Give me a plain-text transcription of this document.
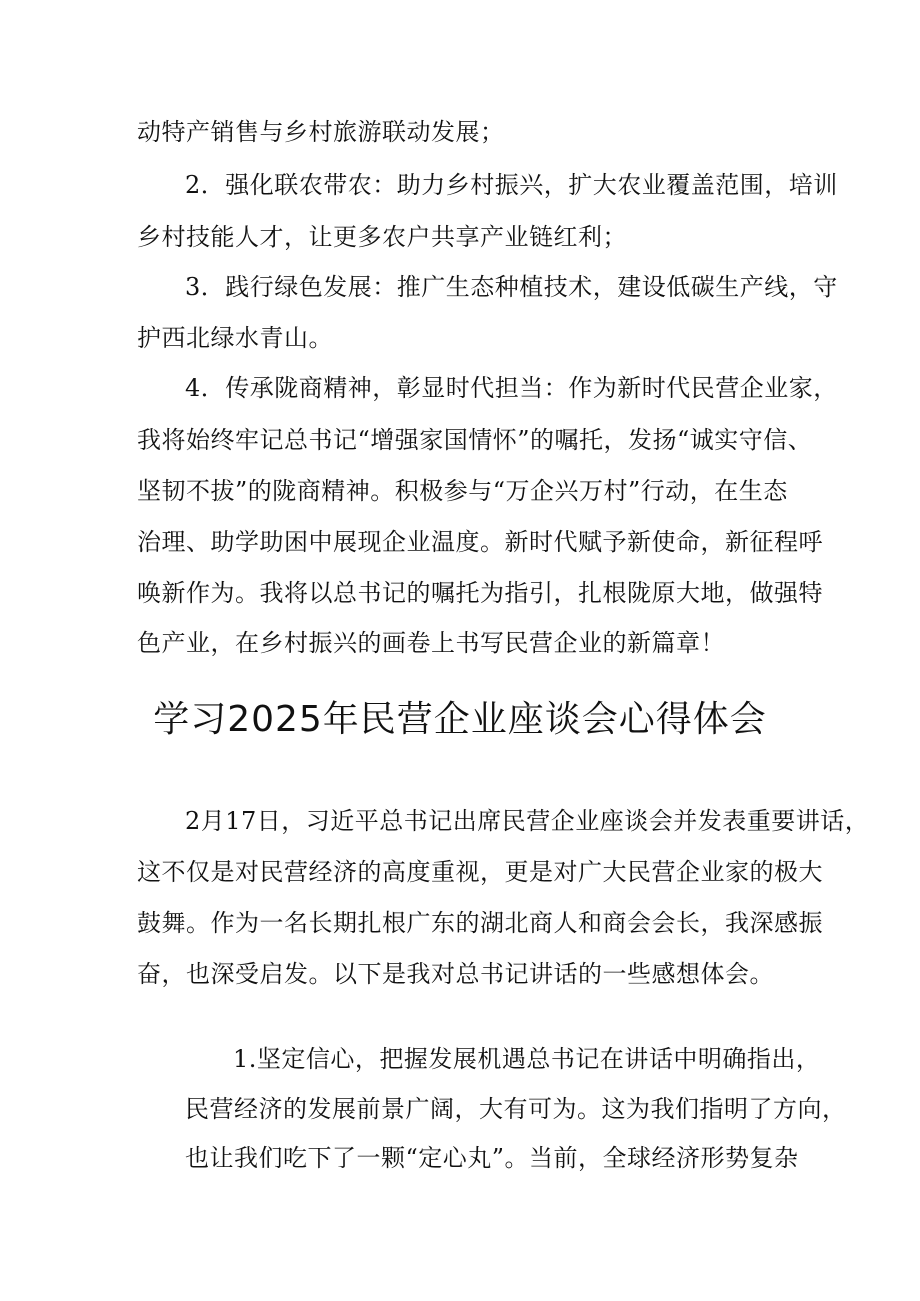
动特产销售与乡村旅游联动发展；
2．强化联农带农：助力乡村振兴，扩大农业覆盖范围，培训
乡村技能人才，让更多农户共享产业链红利；
3．践行绿色发展：推广生态种植技术，建设低碳生产线，守
护西北绿水青山。
4．传承陇商精神，彰显时代担当：作为新时代民营企业家，
我将始终牢记总书记“增强家国情怀”的嘱托，发扬“诚实守信、
坚韧不拔”的陇商精神。积极参与“万企兴万村”行动，在生态
治理、助学助困中展现企业温度。新时代赋予新使命，新征程呼
唤新作为。我将以总书记的嘱托为指引，扎根陇原大地，做强特
色产业，在乡村振兴的画卷上书写民营企业的新篇章！
学习2025年民营企业座谈会心得体会
2月17日，习近平总书记出席民营企业座谈会并发表重要讲话，
这不仅是对民营经济的高度重视，更是对广大民营企业家的极大
鼓舞。作为一名长期扎根广东的湖北商人和商会会长，我深感振
奋，也深受启发。以下是我对总书记讲话的一些感想体会。
1.坚定信心，把握发展机遇总书记在讲话中明确指出，
民营经济的发展前景广阔，大有可为。这为我们指明了方向，
也让我们吃下了一颗“定心丸”。当前，全球经济形势复杂
